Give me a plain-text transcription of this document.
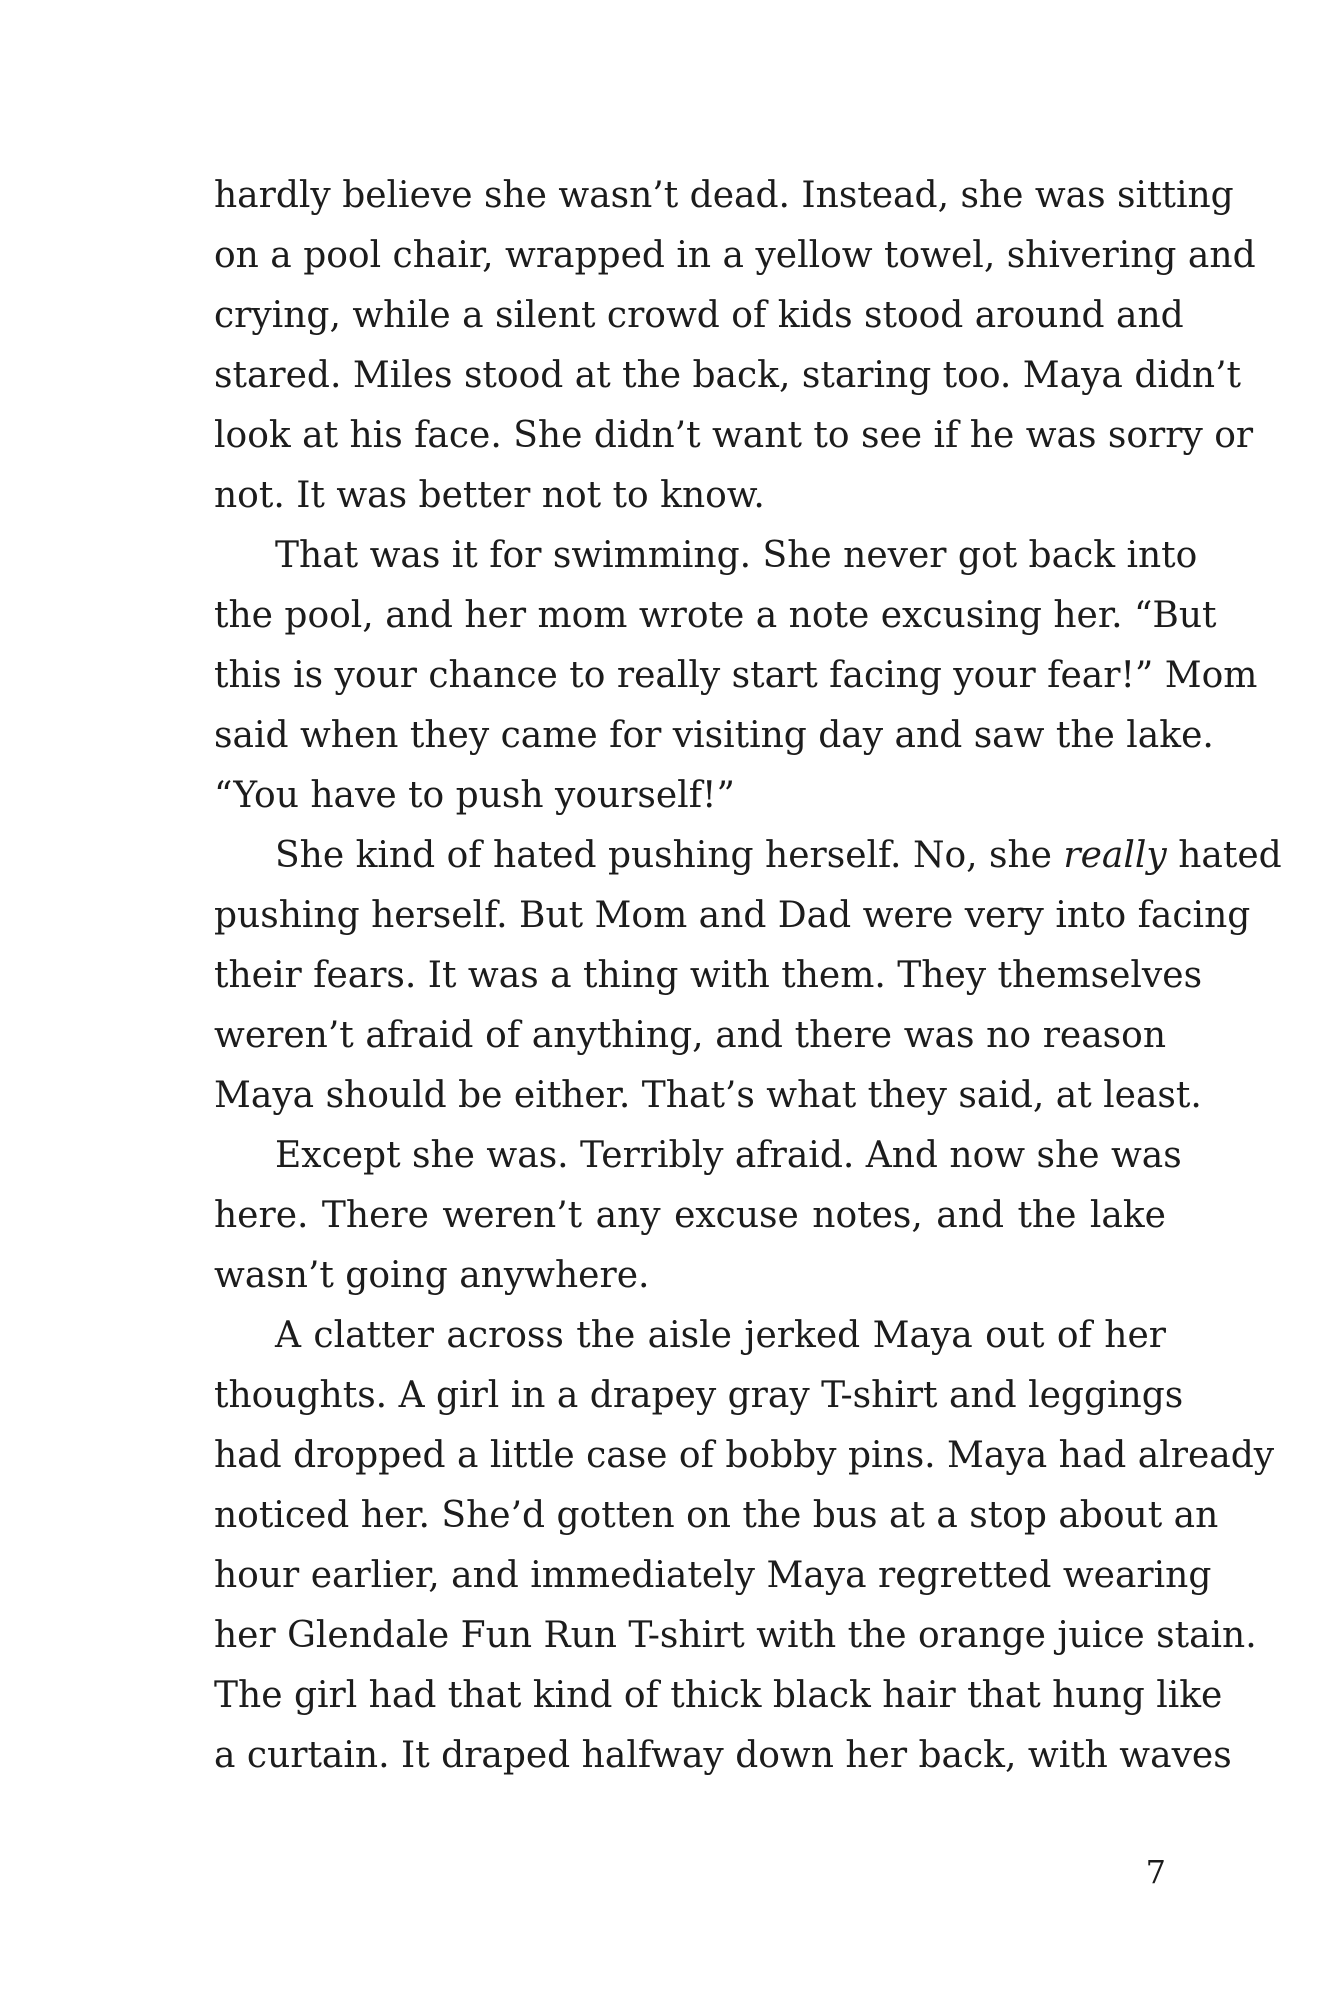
hardly believe she wasn’t dead. Instead, she was sitting
on a pool chair, wrapped in a yellow towel, shivering and
crying, while a silent crowd of kids stood around and
stared. Miles stood at the back, staring too. Maya didn’t
look at his face. She didn’t want to see if he was sorry or
not. It was better not to know.
That was it for swimming. She never got back into
the pool, and her mom wrote a note excusing her. “But
this is your chance to really start facing your fear!” Mom
said when they came for visiting day and saw the lake.
“You have to push yourself!”
She kind of hated pushing herself. No, she really hated
pushing herself. But Mom and Dad were very into facing
their fears. It was a thing with them. They themselves
weren’t afraid of anything, and there was no reason
Maya should be either. That’s what they said, at least.
Except she was. Terribly afraid. And now she was
here. There weren’t any excuse notes, and the lake
wasn’t going anywhere.
A clatter across the aisle jerked Maya out of her
thoughts. A girl in a drapey gray T-shirt and leggings
had dropped a little case of bobby pins. Maya had already
noticed her. She’d gotten on the bus at a stop about an
hour earlier, and immediately Maya regretted wearing
her Glendale Fun Run T-shirt with the orange juice stain.
The girl had that kind of thick black hair that hung like
a curtain. It draped halfway down her back, with waves
7
